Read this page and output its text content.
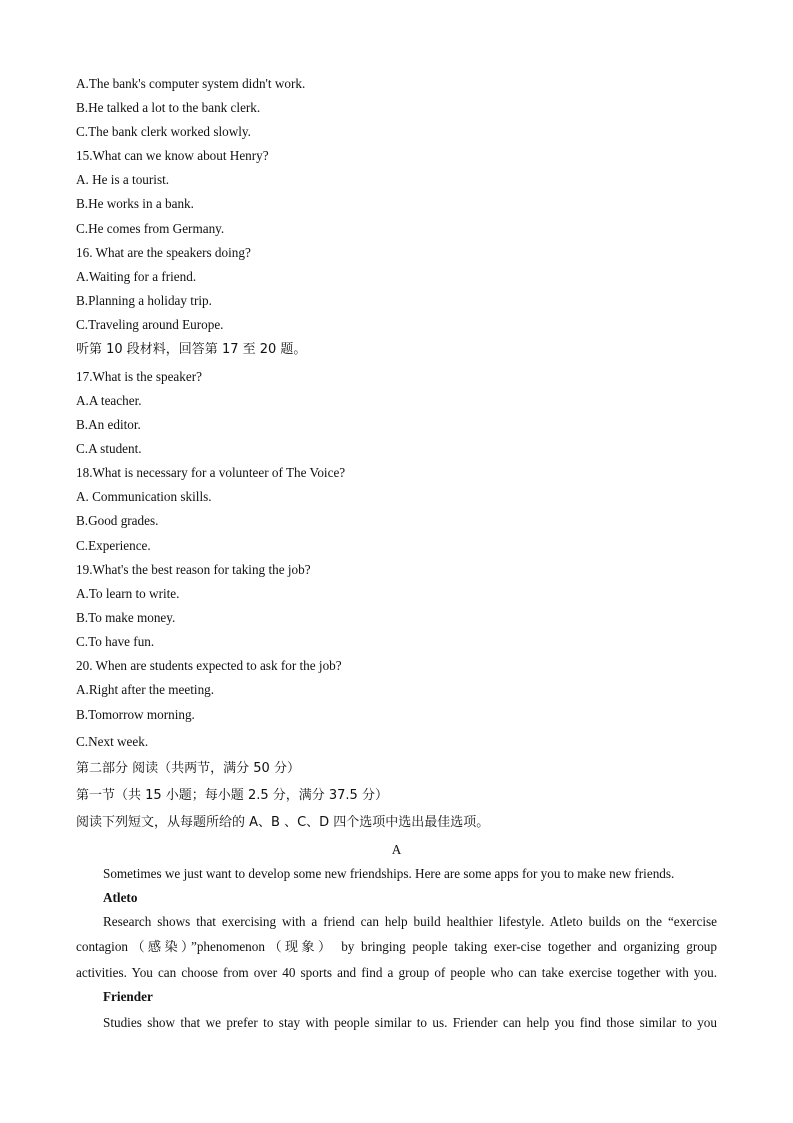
A.The bank's computer system didn't work.
B.He talked a lot to the bank clerk.
C.The bank clerk worked slowly.
15.What can we know about Henry?
A. He is a tourist.
B.He works in a bank.
C.He comes from Germany.
16. What are the speakers doing?
A.Waiting for a friend.
B.Planning a holiday trip.
C.Traveling around Europe.
听第 10 段材料，回答第 17 至 20 题。
17.What is the speaker?
A.A teacher.
B.An editor.
C.A student.
18.What is necessary for a volunteer of The Voice?
A. Communication skills.
B.Good grades.
C.Experience.
19.What's the best reason for taking the job?
A.To learn to write.
B.To make money.
C.To have fun.
20. When are students expected to ask for the job?
A.Right after the meeting.
B.Tomorrow morning.
C.Next week.
第二部分 阅读（共两节，满分 50 分）
第一节（共 15 小题；每小题 2.5 分，满分 37.5 分）
阅读下列短文，从每题所给的 A、B 、C、D 四个选项中选出最佳选项。
A
Sometimes we just want to develop some new friendships. Here are some apps for you to make new friends.
Atleto
Research shows that exercising with a friend can help build healthier lifestyle. Atleto builds on the “exercise
contagion（感染）”phenomenon（现象） by bringing people taking exer-cise together and organizing group
activities. You can choose from over 40 sports and find a group of people who can take exercise together with you.
Friender
Studies show that we prefer to stay with people similar to us. Friender can help you find those similar to you
